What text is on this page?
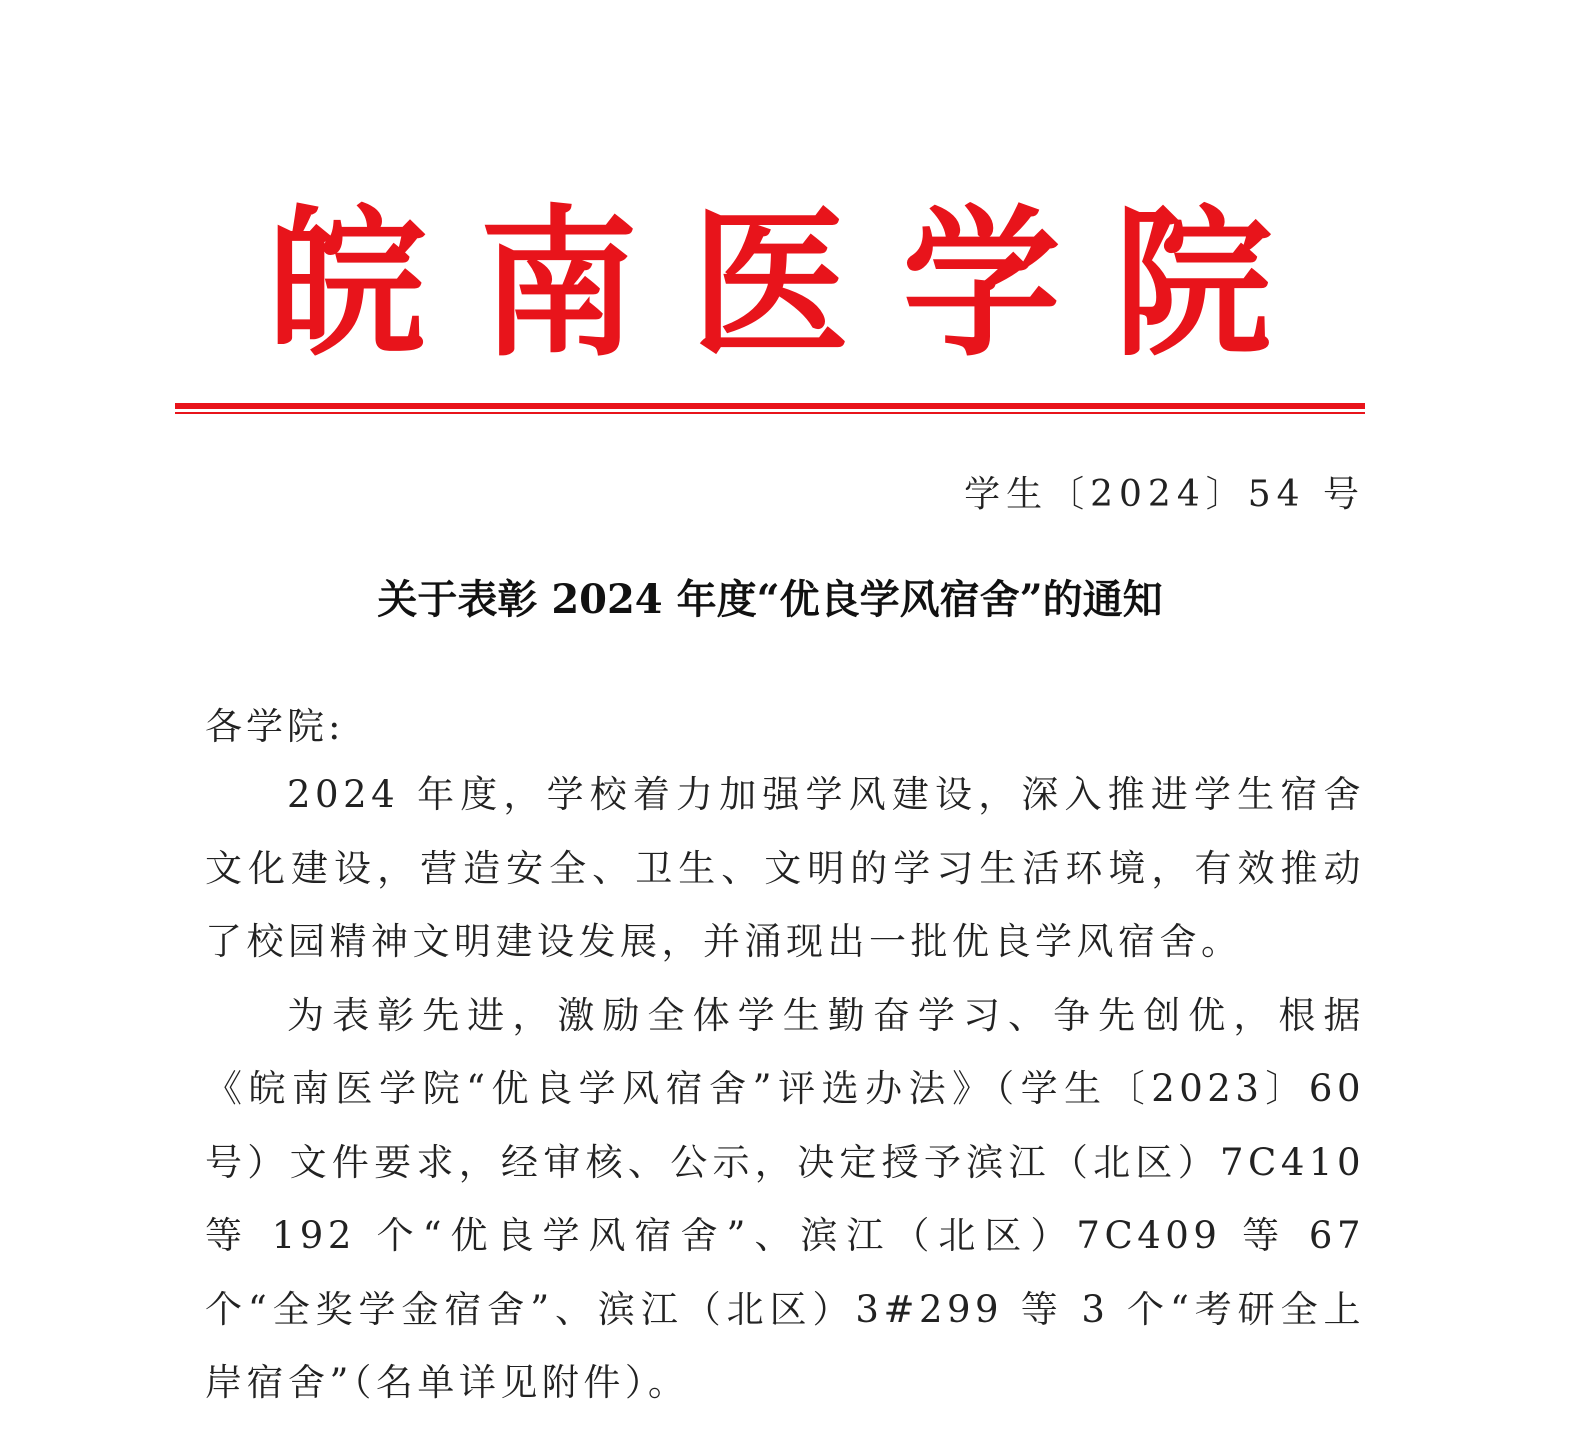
皖 南 医 学 院
学生〔2024〕54 号
关于表彰 2024 年度“优良学风宿舍”的通知
各学院:

2024 年度，学校着力加强学风建设，深入推进学生宿舍文化建设，营造安全、卫生、文明的学习生活环境，有效推动了校园精神文明建设发展，并涌现出一批优良学风宿舍。

为表彰先进，激励全体学生勤奋学习、争先创优，根据《皖南医学院“优良学风宿舍”评选办法》（学生〔2023〕60 号）文件要求，经审核、公示，决定授予滨江（北区）7C410 等 192 个“优良学风宿舍”、滨江（北区）7C409 等 67 个“全奖学金宿舍”、滨江（北区）3#299 等 3 个“考研全上岸宿舍”（名单详见附件）。
